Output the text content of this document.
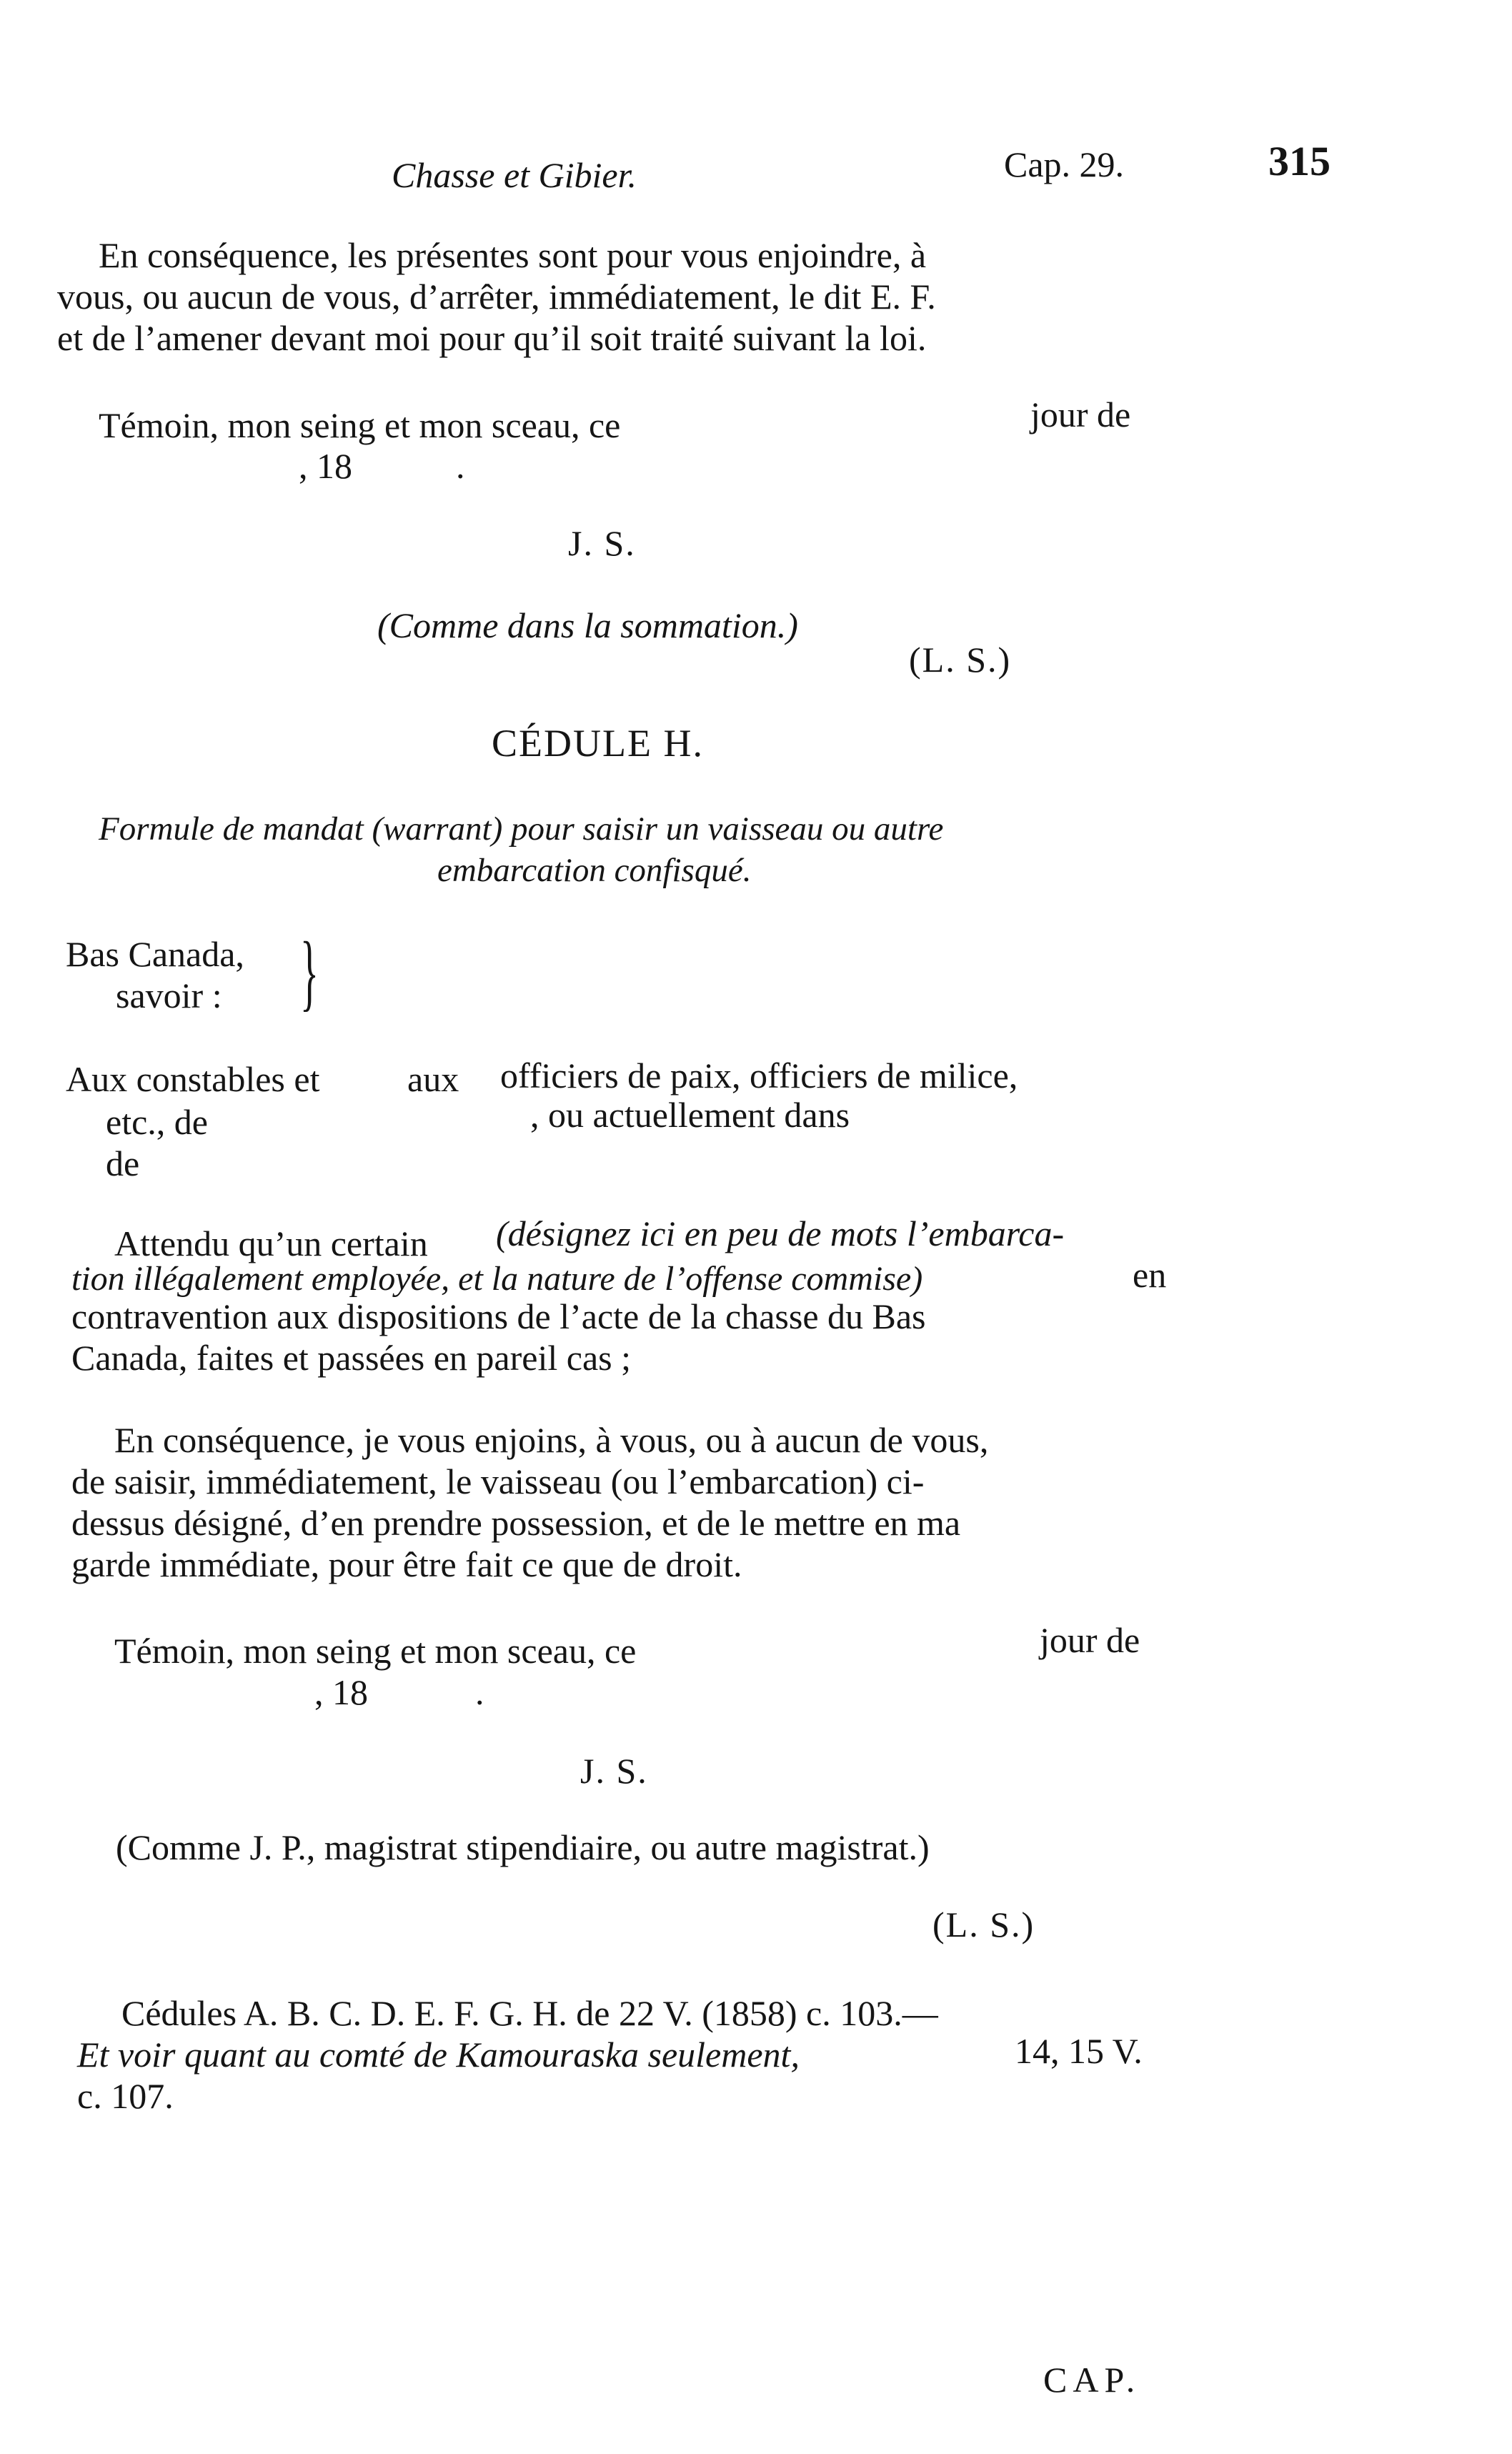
Chasse et Gibier.	Cap. 29.	315
En conséquence, les présentes sont pour vous enjoindre, à
vous, ou aucun de vous, d’arrêter, immédiatement, le dit E. F.
et de l’amener devant moi pour qu’il soit traité suivant la loi.
Témoin, mon seing et mon sceau, ce	jour de
, 18	.
J. S.
(Comme dans la sommation.)
(L. S.)
CÉDULE H.
Formule de mandat (warrant) pour saisir un vaisseau ou autre
embarcation confisqué.
Bas Canada,
savoir : }
Aux constables et aux officiers de paix, officiers de milice,
etc., de	, ou actuellement dans
de
Attendu qu’un certain (désignez ici en peu de mots l’embarca-
tion illégalement employée, et la nature de l’offense commise)	en
contravention aux dispositions de l’acte de la chasse du Bas
Canada, faites et passées en pareil cas ;
En conséquence, je vous enjoins, à vous, ou à aucun de vous,
de saisir, immédiatement, le vaisseau (ou l’embarcation) ci-
dessus désigné, d’en prendre possession, et de le mettre en ma
garde immédiate, pour être fait ce que de droit.
Témoin, mon seing et mon sceau, ce	jour de
, 18	.
J. S.
(Comme J. P., magistrat stipendiaire, ou autre magistrat.)
(L. S.)
Cédules A. B. C. D. E. F. G. H. de 22 V. (1858) c. 103.—
Et voir quant au comté de Kamouraska seulement,	14, 15 V.
c. 107.
CAP.
